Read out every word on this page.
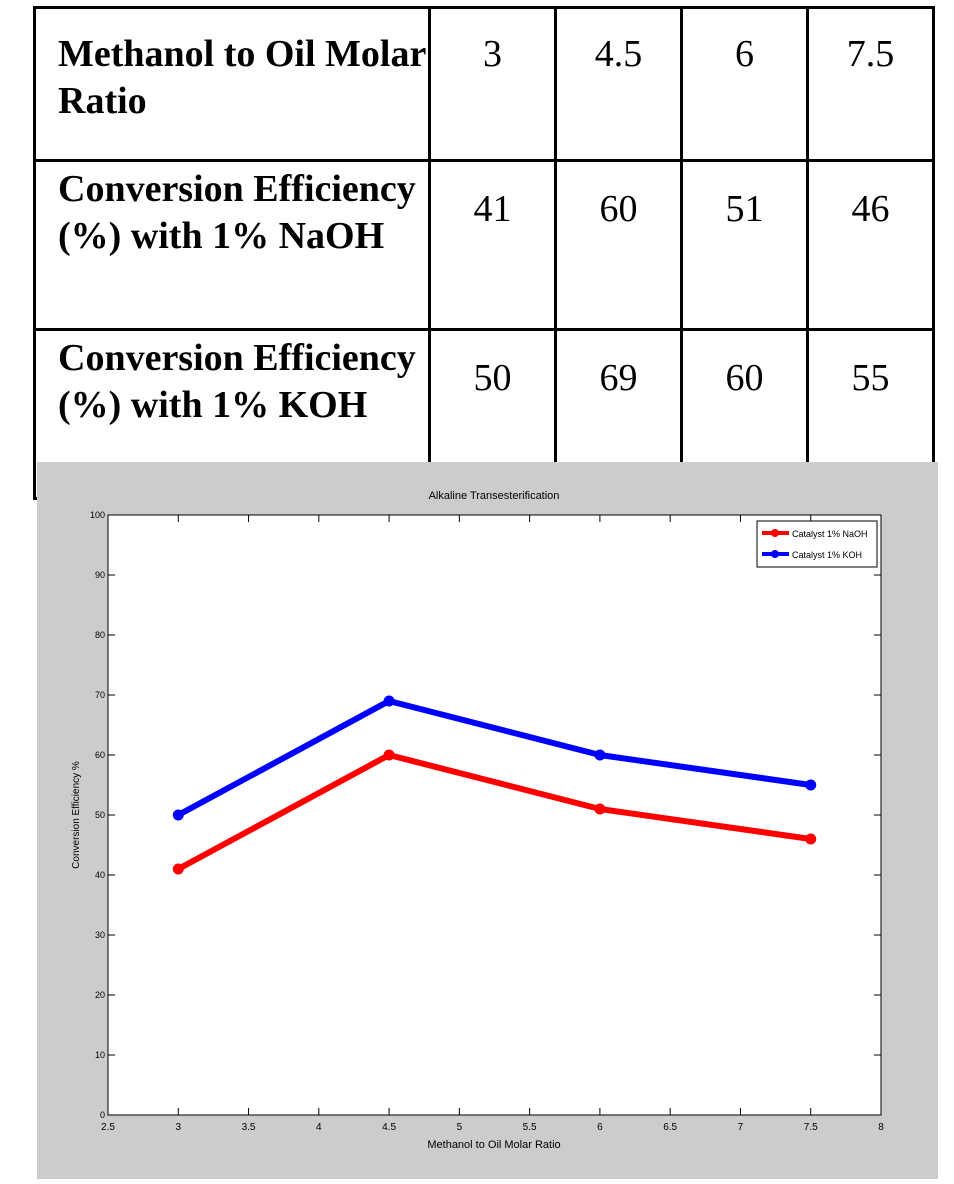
Methanol to Oil Molar Ratio	3	4.5	6	7.5
Conversion Efficiency (%) with 1% NaOH	41	60	51	46
Conversion Efficiency (%) with 1% KOH	50	69	60	55
Alkaline Transesterification
Methanol to Oil Molar Ratio
Conversion Efficiency %
2.5	3	3.5	4	4.5	5	5.5	6	6.5	7	7.5	8
0
10
20
30
40
50
60
70
80
90
100
Catalyst 1% NaOH
Catalyst 1% KOH
